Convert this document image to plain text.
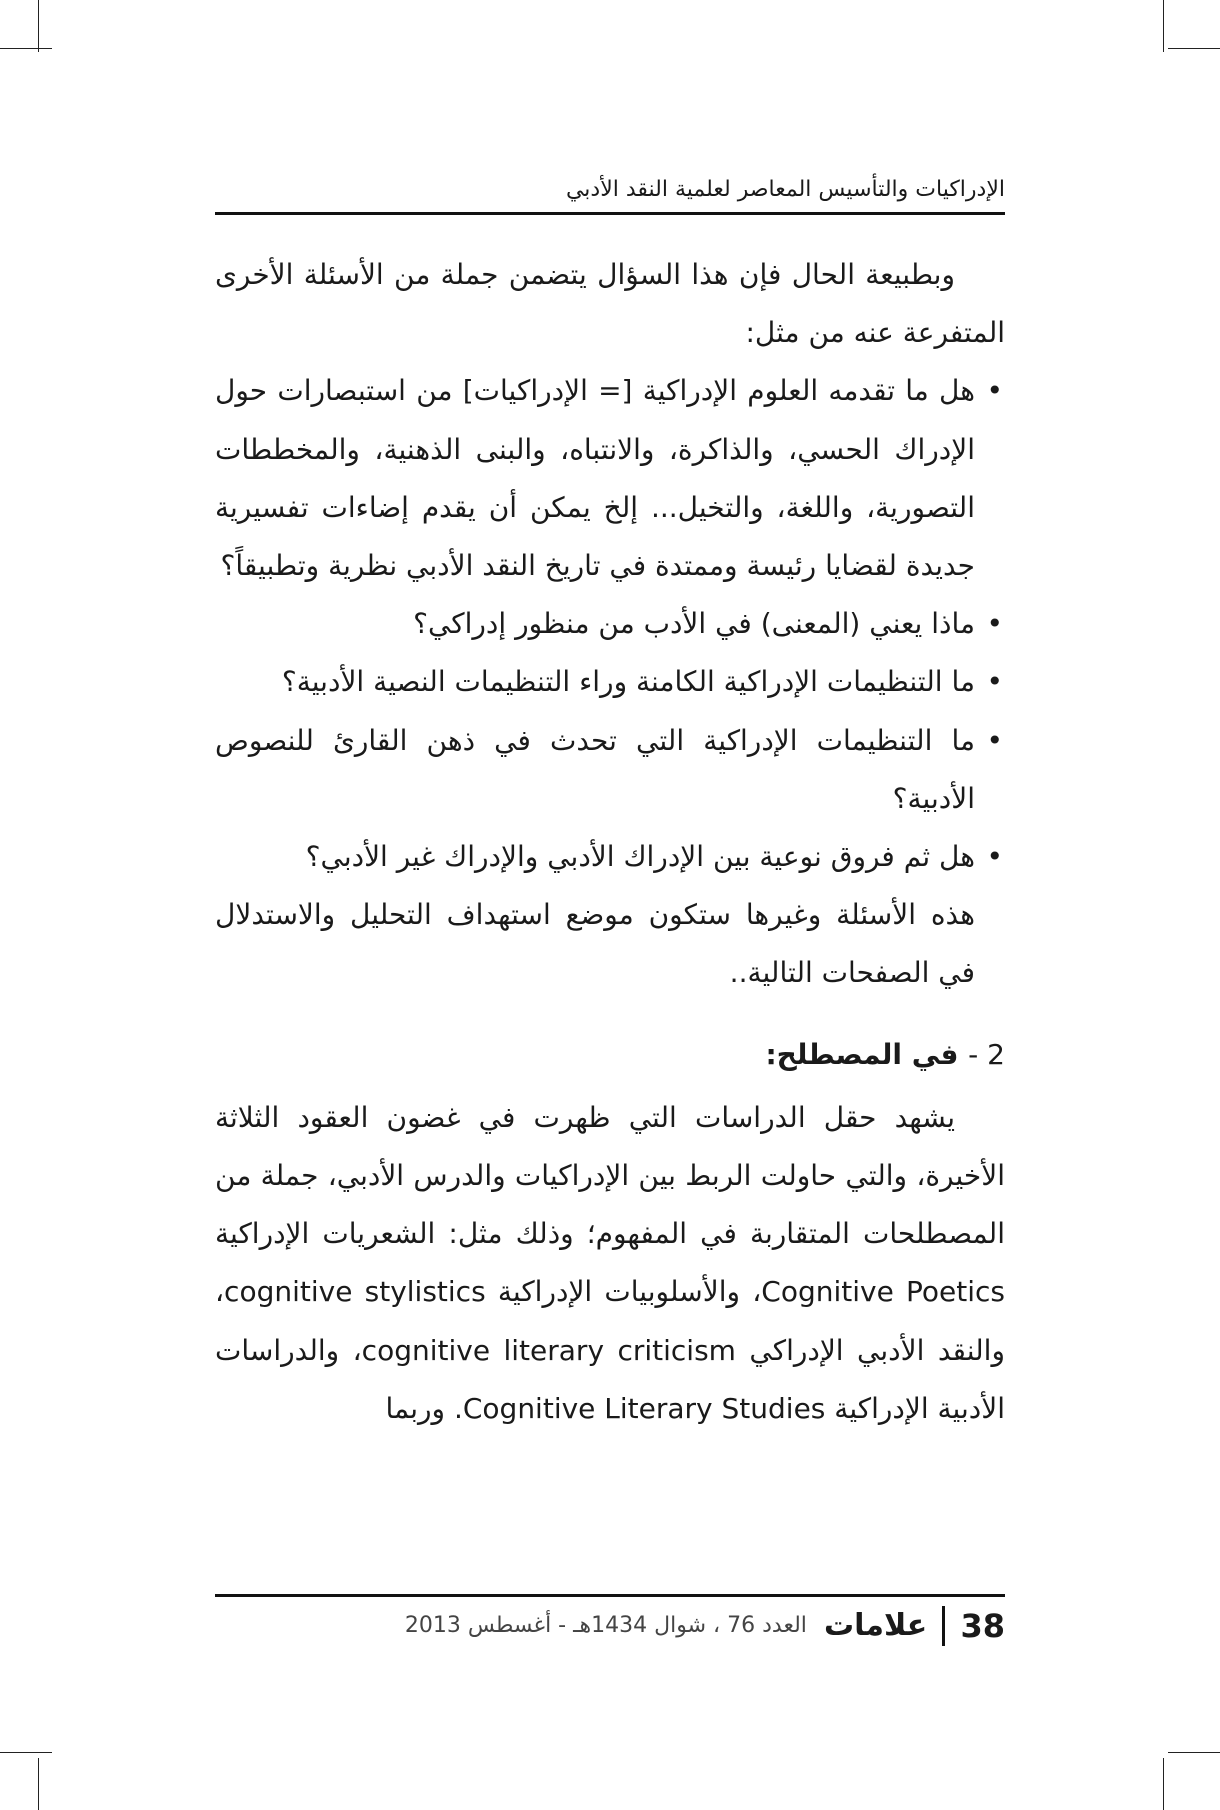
الإدراكيات والتأسيس المعاصر لعلمية النقد الأدبي

وبطبيعة الحال فإن هذا السؤال يتضمن جملة من الأسئلة الأخرى المتفرعة عنه من مثل:

• هل ما تقدمه العلوم الإدراكية [= الإدراكيات] من استبصارات حول الإدراك الحسي، والذاكرة، والانتباه، والبنى الذهنية، والمخططات التصورية، واللغة، والتخيل... إلخ يمكن أن يقدم إضاءات تفسيرية جديدة لقضايا رئيسة وممتدة في تاريخ النقد الأدبي نظرية وتطبيقاً؟
• ماذا يعني (المعنى) في الأدب من منظور إدراكي؟
• ما التنظيمات الإدراكية الكامنة وراء التنظيمات النصية الأدبية؟
• ما التنظيمات الإدراكية التي تحدث في ذهن القارئ للنصوص الأدبية؟
• هل ثم فروق نوعية بين الإدراك الأدبي والإدراك غير الأدبي؟

هذه الأسئلة وغيرها ستكون موضع استهداف التحليل والاستدلال في الصفحات التالية..

2 - في المصطلح:

يشهد حقل الدراسات التي ظهرت في غضون العقود الثلاثة الأخيرة، والتي حاولت الربط بين الإدراكيات والدرس الأدبي، جملة من المصطلحات المتقاربة في المفهوم؛ وذلك مثل: الشعريات الإدراكية Cognitive Poetics، والأسلوبيات الإدراكية cognitive stylistics، والنقد الأدبي الإدراكي cognitive literary criticism، والدراسات الأدبية الإدراكية Cognitive Literary Studies. وربما

38  علامات العدد 76 ، شوال 1434هـ - أغسطس 2013
